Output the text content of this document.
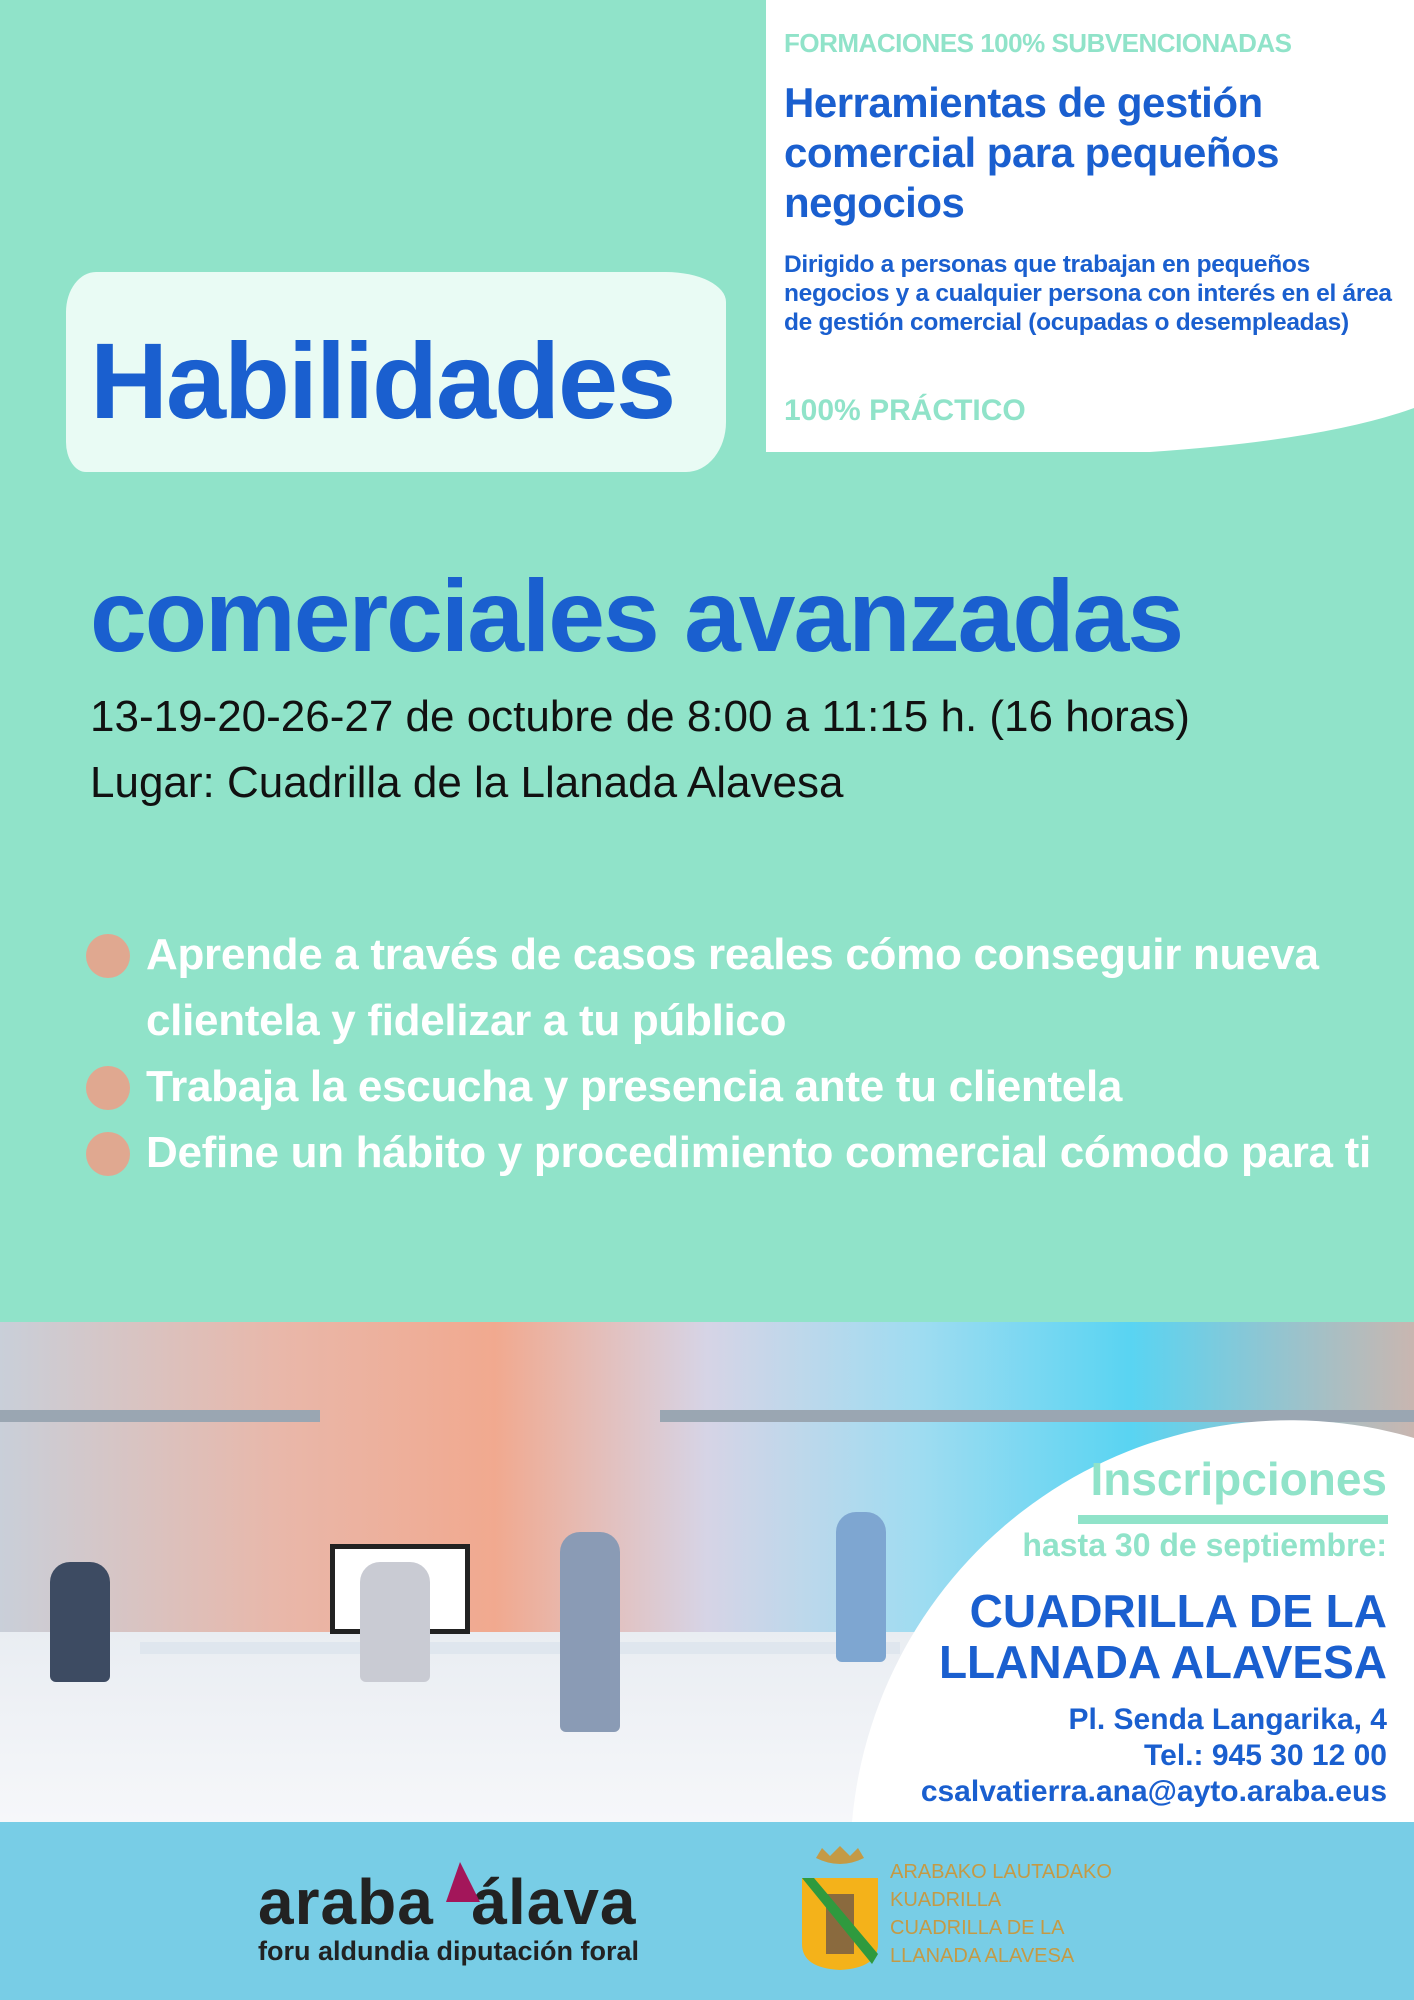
FORMACIONES 100% SUBVENCIONADAS
Herramientas de gestión comercial para pequeños negocios
Dirigido a personas que trabajan en pequeños negocios y a cualquier persona con interés en el área de gestión comercial (ocupadas o desempleadas)
100% PRÁCTICO
Habilidades
comerciales avanzadas
13-19-20-26-27 de octubre de 8:00 a 11:15 h. (16 horas)
Lugar: Cuadrilla de la Llanada Alavesa
Aprende a través de casos reales cómo conseguir nueva clientela y fidelizar a tu público
Trabaja la escucha y presencia ante tu clientela
Define un hábito y procedimiento comercial cómodo para ti
Inscripciones
hasta 30 de septiembre:
CUADRILLA DE LA
LLANADA ALAVESA
Pl. Senda Langarika, 4
Tel.: 945 30 12 00
csalvatierra.ana@ayto.araba.eus
araba  álava
foru aldundia diputación foral
ARABAKO LAUTADAKO
KUADRILLA
CUADRILLA DE LA
LLANADA ALAVESA
